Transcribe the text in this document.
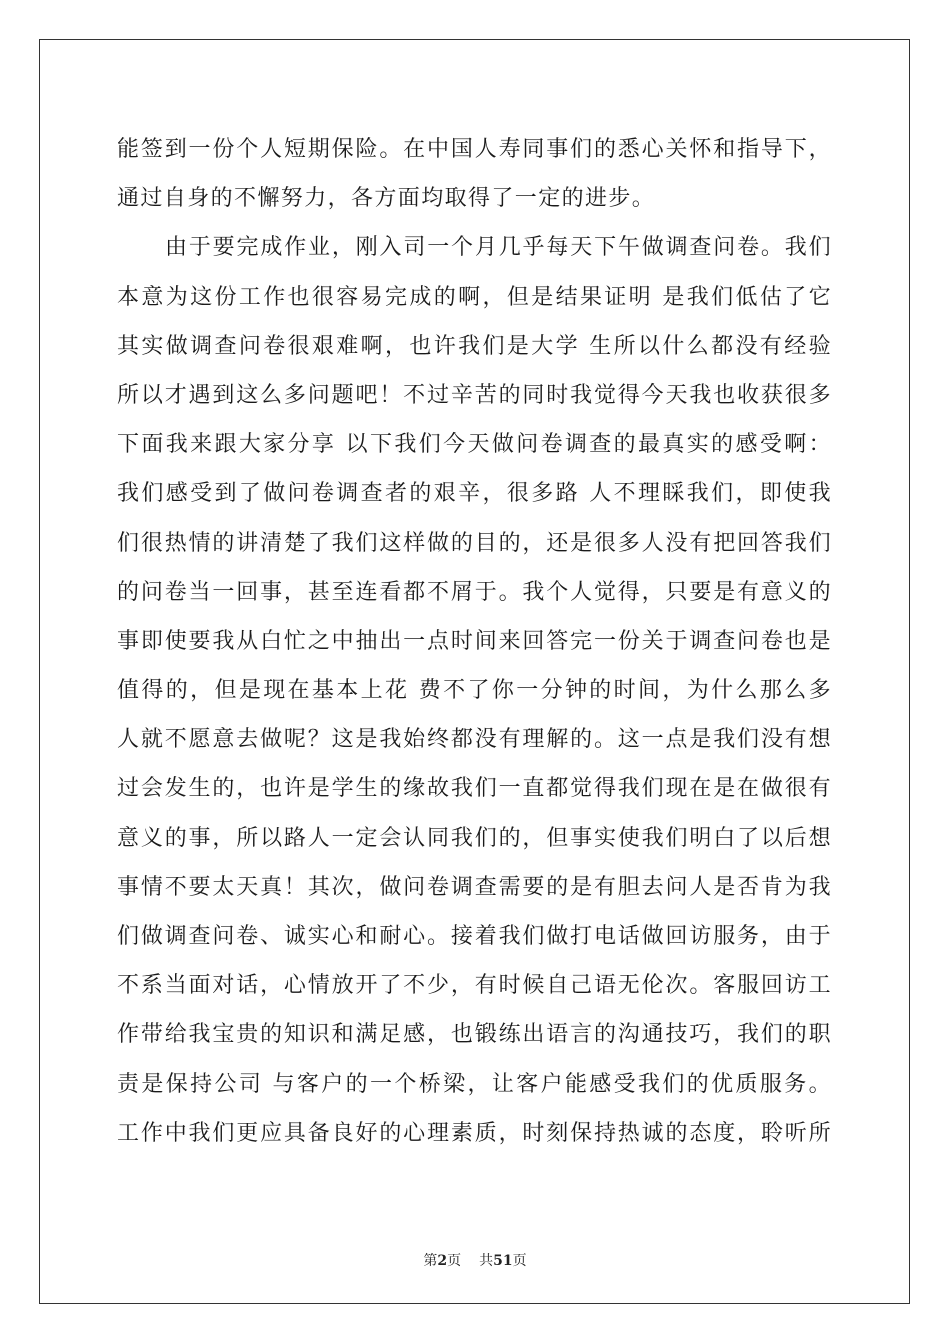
能签到一份个人短期保险。在中国人寿同事们的悉心关怀和指导下，
通过自身的不懈努力，各方面均取得了一定的进步。
由于要完成作业，刚入司一个月几乎每天下午做调查问卷。我们
本意为这份工作也很容易完成的啊，但是结果证明 是我们低估了它
其实做调查问卷很艰难啊，也许我们是大学 生所以什么都没有经验
所以才遇到这么多问题吧！不过辛苦的同时我觉得今天我也收获很多
下面我来跟大家分享 以下我们今天做问卷调查的最真实的感受啊：
我们感受到了做问卷调查者的艰辛，很多路 人不理睬我们，即使我
们很热情的讲清楚了我们这样做的目的，还是很多人没有把回答我们
的问卷当一回事，甚至连看都不屑于。我个人觉得，只要是有意义的
事即使要我从白忙之中抽出一点时间来回答完一份关于调查问卷也是
值得的，但是现在基本上花 费不了你一分钟的时间，为什么那么多
人就不愿意去做呢？这是我始终都没有理解的。这一点是我们没有想
过会发生的，也许是学生的缘故我们一直都觉得我们现在是在做很有
意义的事，所以路人一定会认同我们的，但事实使我们明白了以后想
事情不要太天真！其次，做问卷调查需要的是有胆去问人是否肯为我
们做调查问卷、诚实心和耐心。接着我们做打电话做回访服务，由于
不系当面对话，心情放开了不少，有时候自己语无伦次。客服回访工
作带给我宝贵的知识和满足感，也锻练出语言的沟通技巧，我们的职
责是保持公司 与客户的一个桥梁，让客户能感受我们的优质服务。
工作中我们更应具备良好的心理素质，时刻保持热诚的态度，聆听所
第2页 共51页
